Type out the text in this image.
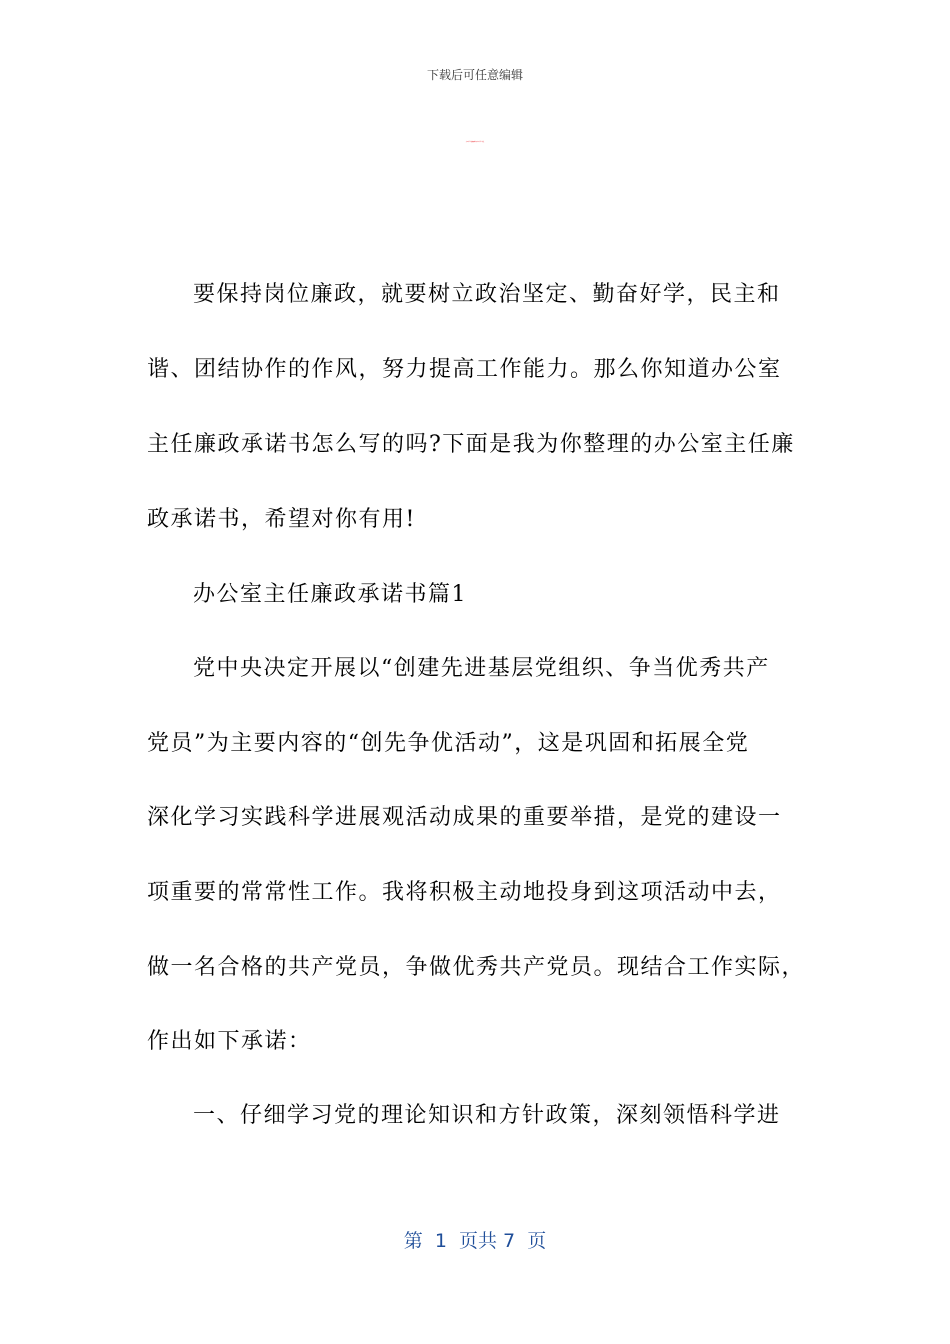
下载后可任意编辑
[办公室主任廉政承诺书]办公室主任 英文
要保持岗位廉政，就要树立政治坚定、勤奋好学，民主和
谐、团结协作的作风，努力提高工作能力。那么你知道办公室
主任廉政承诺书怎么写的吗?下面是我为你整理的办公室主任廉
政承诺书，希望对你有用!
办公室主任廉政承诺书篇1
党中央决定开展以“创建先进基层党组织、争当优秀共产
党员”为主要内容的“创先争优活动”，这是巩固和拓展全党
深化学习实践科学进展观活动成果的重要举措，是党的建设一
项重要的常常性工作。我将积极主动地投身到这项活动中去，
做一名合格的共产党员，争做优秀共产党员。现结合工作实际，
作出如下承诺：
一、仔细学习党的理论知识和方针政策，深刻领悟科学进
第  1  页共 7  页
